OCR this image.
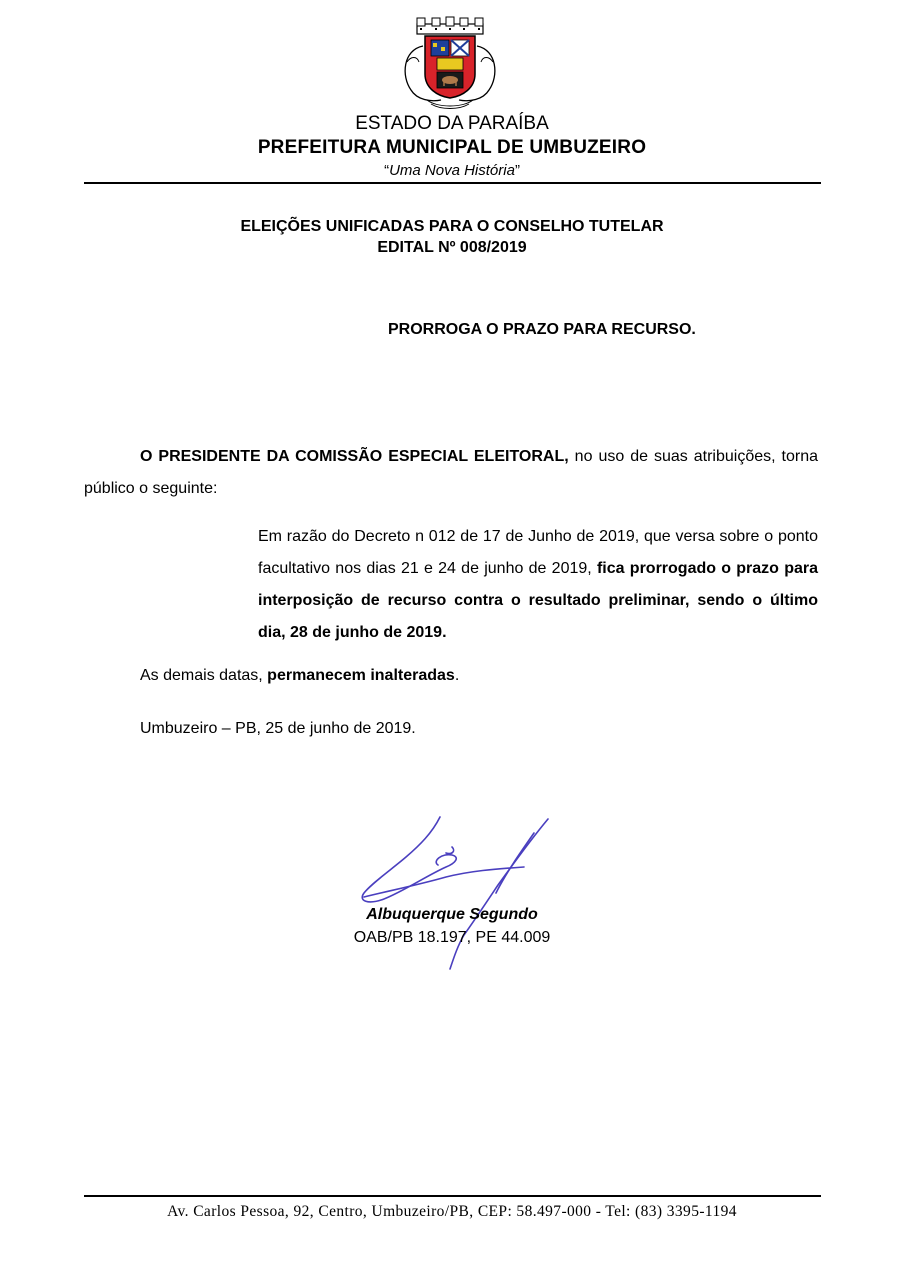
ESTADO DA PARAÍBA
PREFEITURA MUNICIPAL DE UMBUZEIRO
“Uma Nova História”
ELEIÇÕES UNIFICADAS PARA O CONSELHO TUTELAR
EDITAL Nº 008/2019
PRORROGA O PRAZO PARA RECURSO.
O PRESIDENTE DA COMISSÃO ESPECIAL ELEITORAL, no uso de suas atribuições, torna público o seguinte:
Em razão do Decreto n 012 de 17 de Junho de 2019, que versa sobre o ponto facultativo nos dias 21 e 24 de junho de 2019, fica prorrogado o prazo para interposição de recurso contra o resultado preliminar, sendo o último dia, 28 de junho de 2019.
As demais datas, permanecem inalteradas.
Umbuzeiro – PB, 25 de junho de 2019.
Albuquerque Segundo
OAB/PB 18.197, PE 44.009
Av. Carlos Pessoa, 92, Centro, Umbuzeiro/PB, CEP: 58.497-000 - Tel: (83) 3395-1194
